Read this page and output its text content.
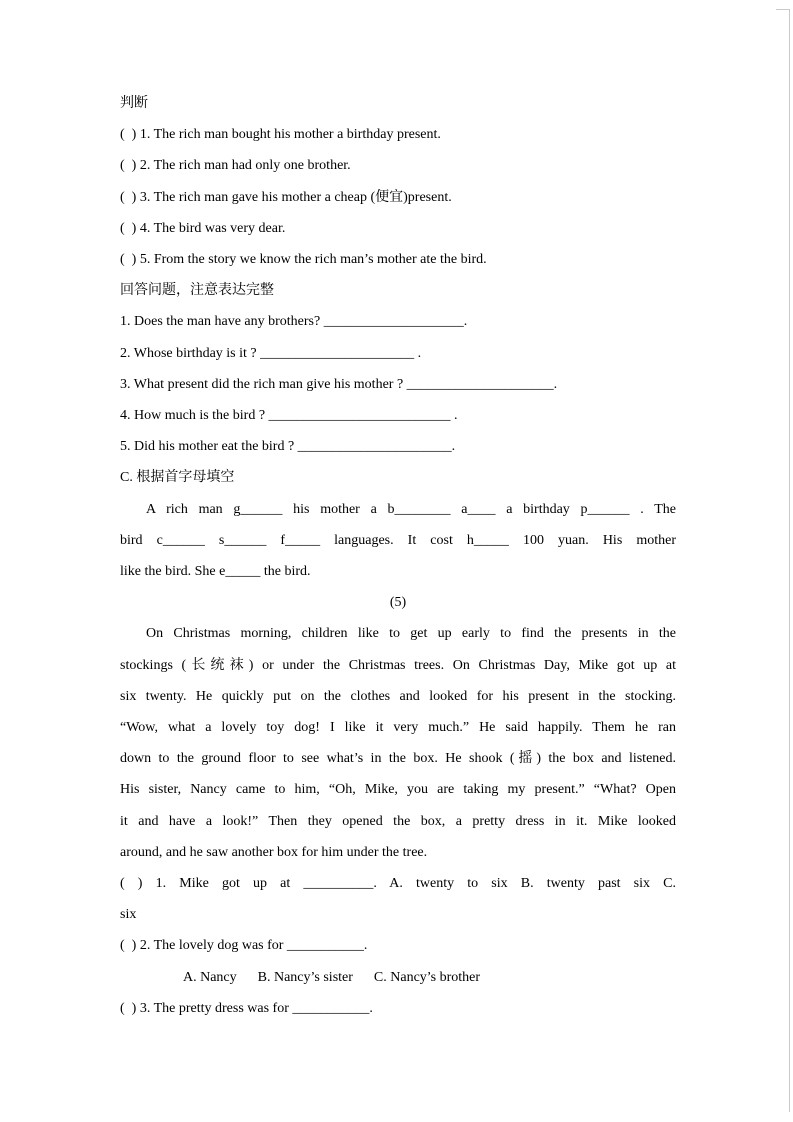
判断
(  ) 1. The rich man bought his mother a birthday present.
(  ) 2. The rich man had only one brother.
(  ) 3. The rich man gave his mother a cheap (便宜)present.
(  ) 4. The bird was very dear.
(  ) 5. From the story we know the rich man’s mother ate the bird.
回答问题，注意表达完整
1. Does the man have any brothers? ____________________.
2. Whose birthday is it ? ______________________ .
3. What present did the rich man give his mother ? _____________________.
4. How much is the bird ? __________________________ .
5. Did his mother eat the bird ? ______________________.
C. 根据首字母填空
A rich man g______ his mother a b________ a____ a birthday p______ . The
bird c______ s______ f_____ languages. It cost h_____ 100 yuan. His mother
like the bird. She e_____ the bird.
(5)
On Christmas morning, children like to get up early to find the presents in the
stockings (长统袜) or under the Christmas trees. On Christmas Day, Mike got up at
six twenty. He quickly put on the clothes and looked for his present in the stocking.
“Wow, what a lovely toy dog! I like it very much.” He said happily. Them he ran
down to the ground floor to see what’s in the box. He shook (摇) the box and listened.
His sister, Nancy came to him, “Oh, Mike, you are taking my present.” “What? Open
it and have a look!” Then they opened the box, a pretty dress in it. Mike looked
around, and he saw another box for him under the tree.
( ) 1. Mike got up at __________. A. twenty to six B. twenty past six C.
six
(  ) 2. The lovely dog was for ___________.
A. Nancy      B. Nancy’s sister      C. Nancy’s brother
(  ) 3. The pretty dress was for ___________.
